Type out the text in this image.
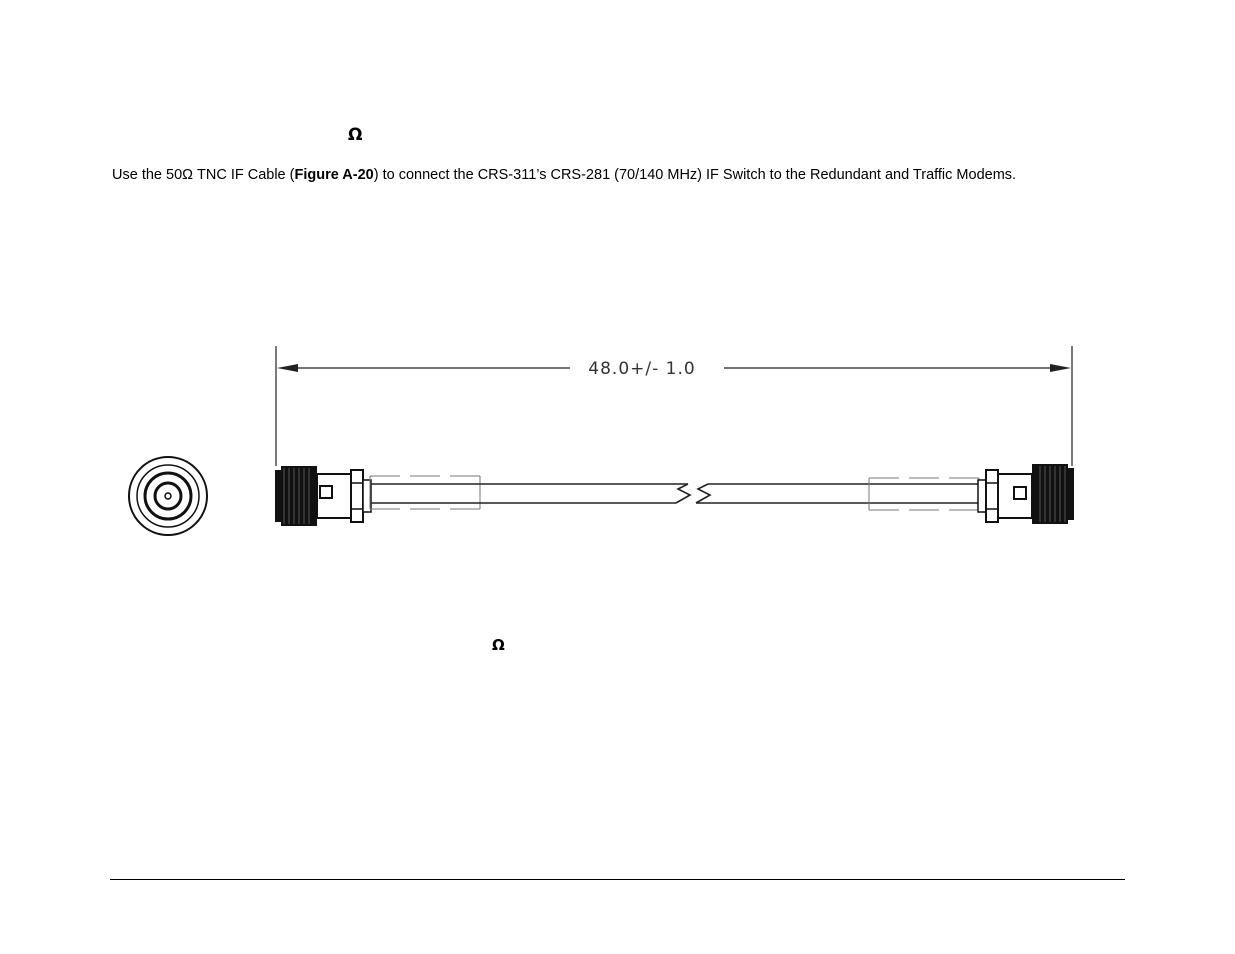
Ω
Use the 50Ω TNC IF Cable (Figure A-20) to connect the CRS-311’s CRS-281 (70/140 MHz) IF Switch to the Redundant and Traffic Modems.
48.0+/- 1.0
Ω
